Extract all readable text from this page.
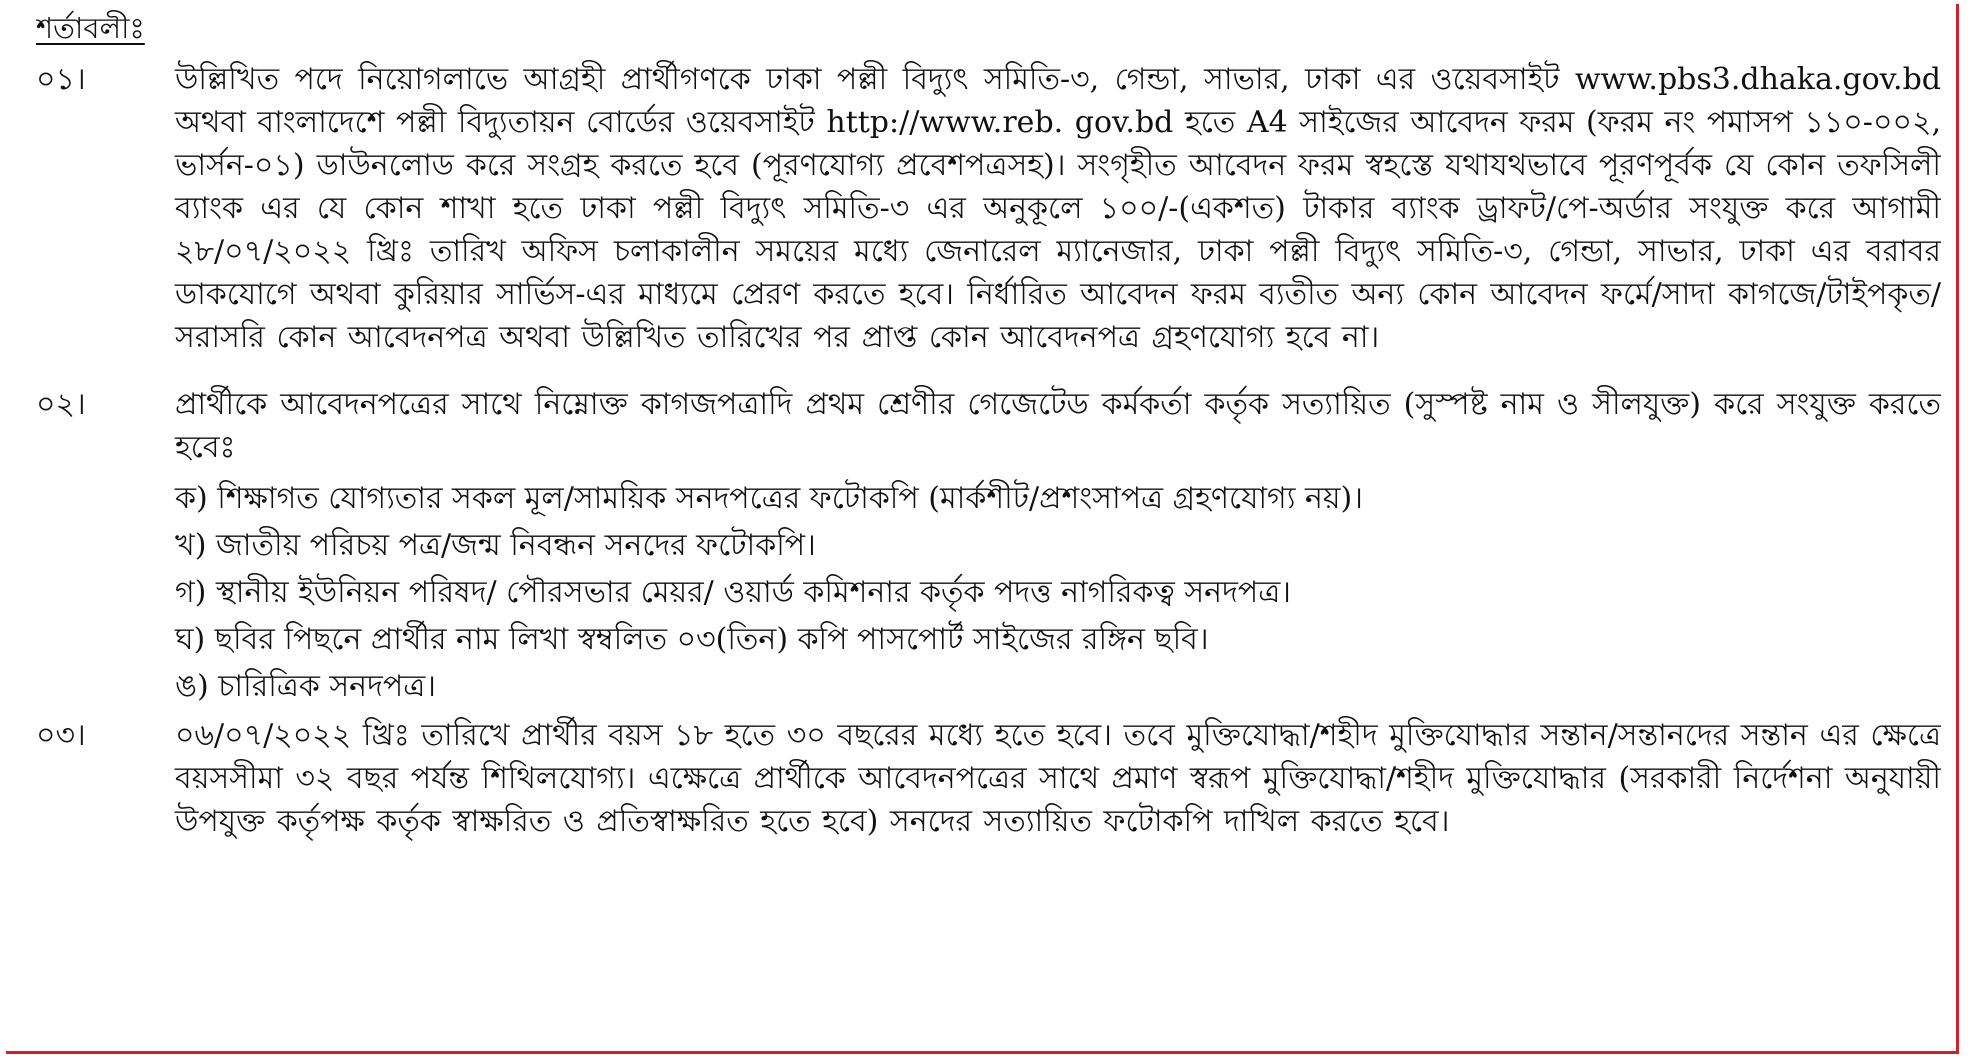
শর্তাবলীঃ
০১।	উল্লিখিত পদে নিয়োগলাভে আগ্রহী প্রার্থীগণকে ঢাকা পল্লী বিদ্যুৎ সমিতি-৩, গেন্ডা, সাভার, ঢাকা এর ওয়েবসাইট www.pbs3.dhaka.gov.bd অথবা বাংলাদেশে পল্লী বিদ্যুতায়ন বোর্ডের ওয়েবসাইট http://www.reb. gov.bd হতে A4 সাইজের আবেদন ফরম (ফরম নং পমাসপ ১১০-০০২, ভার্সন-০১) ডাউনলোড করে সংগ্রহ করতে হবে (পূরণযোগ্য প্রবেশপত্রসহ)। সংগৃহীত আবেদন ফরম স্বহস্তে যথাযথভাবে পূরণপূর্বক যে কোন তফসিলী ব্যাংক এর যে কোন শাখা হতে ঢাকা পল্লী বিদ্যুৎ সমিতি-৩ এর অনুকূলে ১০০/-(একশত) টাকার ব্যাংক ড্রাফট/পে-অর্ডার সংযুক্ত করে আগামী ২৮/০৭/২০২২ খ্রিঃ তারিখ অফিস চলাকালীন সময়ের মধ্যে জেনারেল ম্যানেজার, ঢাকা পল্লী বিদ্যুৎ সমিতি-৩, গেন্ডা, সাভার, ঢাকা এর বরাবর ডাকযোগে অথবা কুরিয়ার সার্ভিস-এর মাধ্যমে প্রেরণ করতে হবে। নির্ধারিত আবেদন ফরম ব্যতীত অন্য কোন আবেদন ফর্মে/সাদা কাগজে/টাইপকৃত/সরাসরি কোন আবেদনপত্র অথবা উল্লিখিত তারিখের পর প্রাপ্ত কোন আবেদনপত্র গ্রহণযোগ্য হবে না।

০২।	প্রার্থীকে আবেদনপত্রের সাথে নিম্নোক্ত কাগজপত্রাদি প্রথম শ্রেণীর গেজেটেড কর্মকর্তা কর্তৃক সত্যায়িত (সুস্পষ্ট নাম ও সীলযুক্ত) করে সংযুক্ত করতে হবেঃ

ক) শিক্ষাগত যোগ্যতার সকল মূল/সাময়িক সনদপত্রের ফটোকপি (মার্কশীট/প্রশংসাপত্র গ্রহণযোগ্য নয়)।
খ) জাতীয় পরিচয় পত্র/জন্ম নিবন্ধন সনদের ফটোকপি।
গ) স্থানীয় ইউনিয়ন পরিষদ/ পৌরসভার মেয়র/ ওয়ার্ড কমিশনার কর্তৃক পদত্ত নাগরিকত্ব সনদপত্র।
ঘ) ছবির পিছনে প্রার্থীর নাম লিখা স্বম্বলিত ০৩(তিন) কপি পাসপোর্ট সাইজের রঙ্গিন ছবি।
ঙ) চারিত্রিক সনদপত্র।
০৩।	০৬/০৭/২০২২ খ্রিঃ তারিখে প্রার্থীর বয়স ১৮ হতে ৩০ বছরের মধ্যে হতে হবে। তবে মুক্তিযোদ্ধা/শহীদ মুক্তিযোদ্ধার সন্তান/সন্তানদের সন্তান এর ক্ষেত্রে বয়সসীমা ৩২ বছর পর্যন্ত শিথিলযোগ্য। এক্ষেত্রে প্রার্থীকে আবেদনপত্রের সাথে প্রমাণ স্বরূপ মুক্তিযোদ্ধা/শহীদ মুক্তিযোদ্ধার (সরকারী নির্দেশনা অনুযায়ী উপযুক্ত কর্তৃপক্ষ কর্তৃক স্বাক্ষরিত ও প্রতিস্বাক্ষরিত হতে হবে) সনদের সত্যায়িত ফটোকপি দাখিল করতে হবে।
